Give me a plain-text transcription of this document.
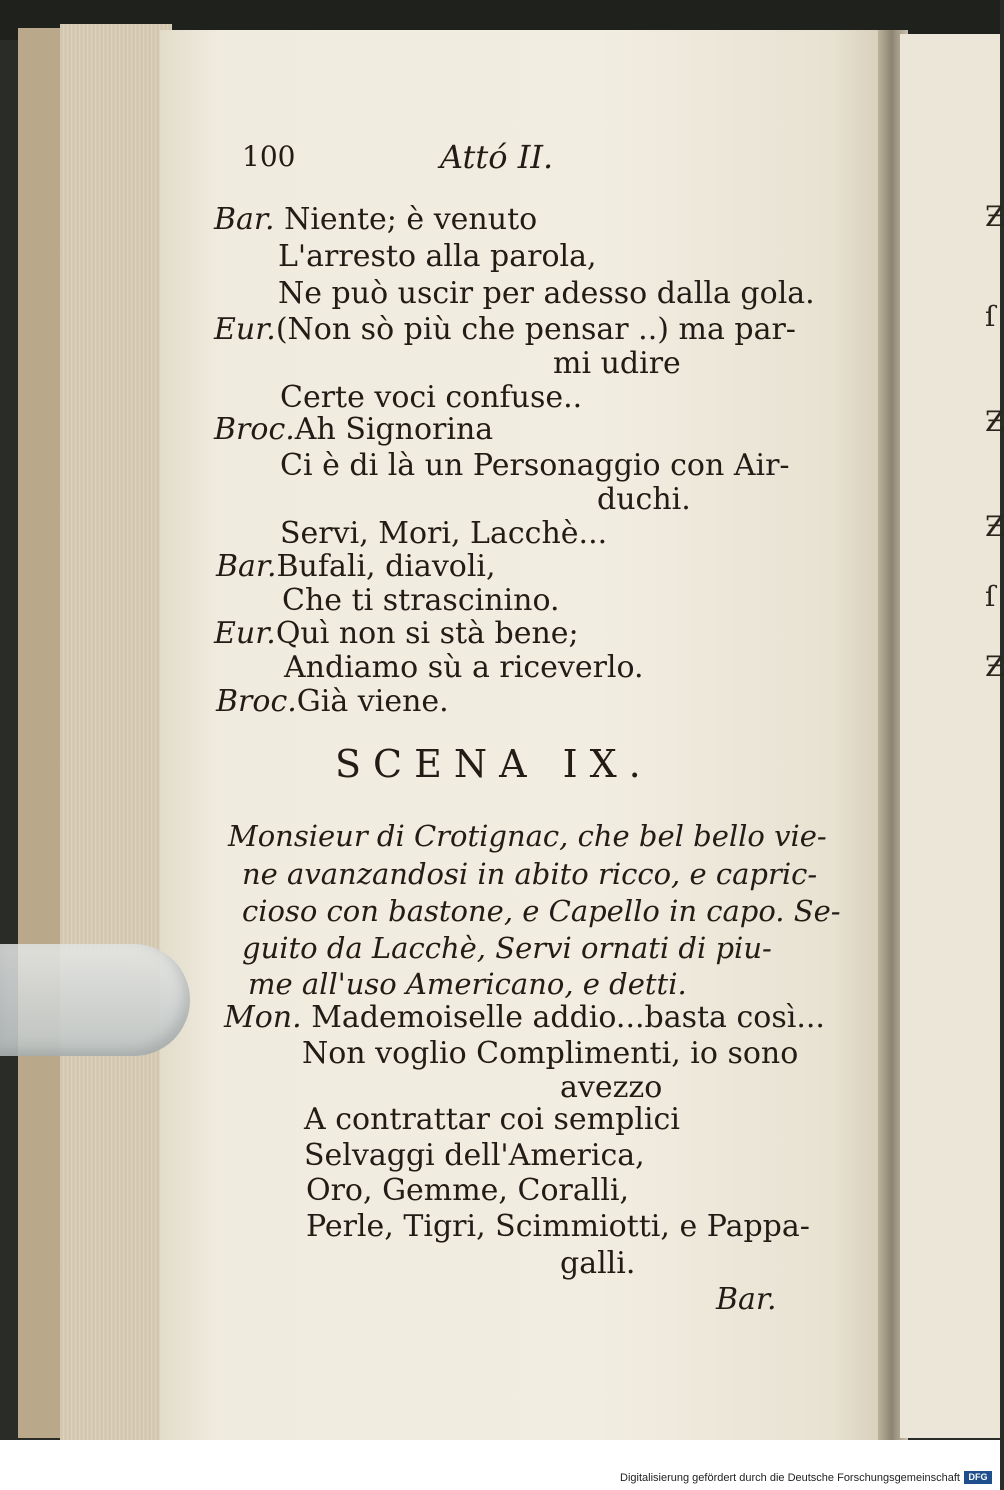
100	Attó II.
Bar. Niente; è venuto
L'arresto alla parola,
Ne può uscir per adesso dalla gola.
Eur.(Non sò più che pensar ..) ma par-
mi udire
Certe voci confuse..
Broc.Ah Signorina
Ci è di là un Personaggio con Air-
duchi.
Servi, Mori, Lacchè...
Bar.Bufali, diavoli,
Che ti strascinino.
Eur.Quì non si stà bene;
Andiamo sù a riceverlo.
Broc.Già viene.
SCENA IX.
Monsieur di Crotignac, che bel bello vie-
ne avanzandosi in abito ricco, e capric-
cioso con bastone, e Capello in capo. Se-
guito da Lacchè, Servi ornati di piu-
me all'uso Americano, e detti.
Mon. Mademoiselle addio...basta così...
Non voglio Complimenti, io sono
avezzo
A contrattar coi semplici
Selvaggi dell'America,
Oro, Gemme, Coralli,
Perle, Tigri, Scimmiotti, e Pappa-
galli.
Bar.
Ƶ
ſ
Ƶ
Ƶ
ſ
Ƶ
Digitalisierung gefördert durch die Deutsche Forschungsgemeinschaft DFG
